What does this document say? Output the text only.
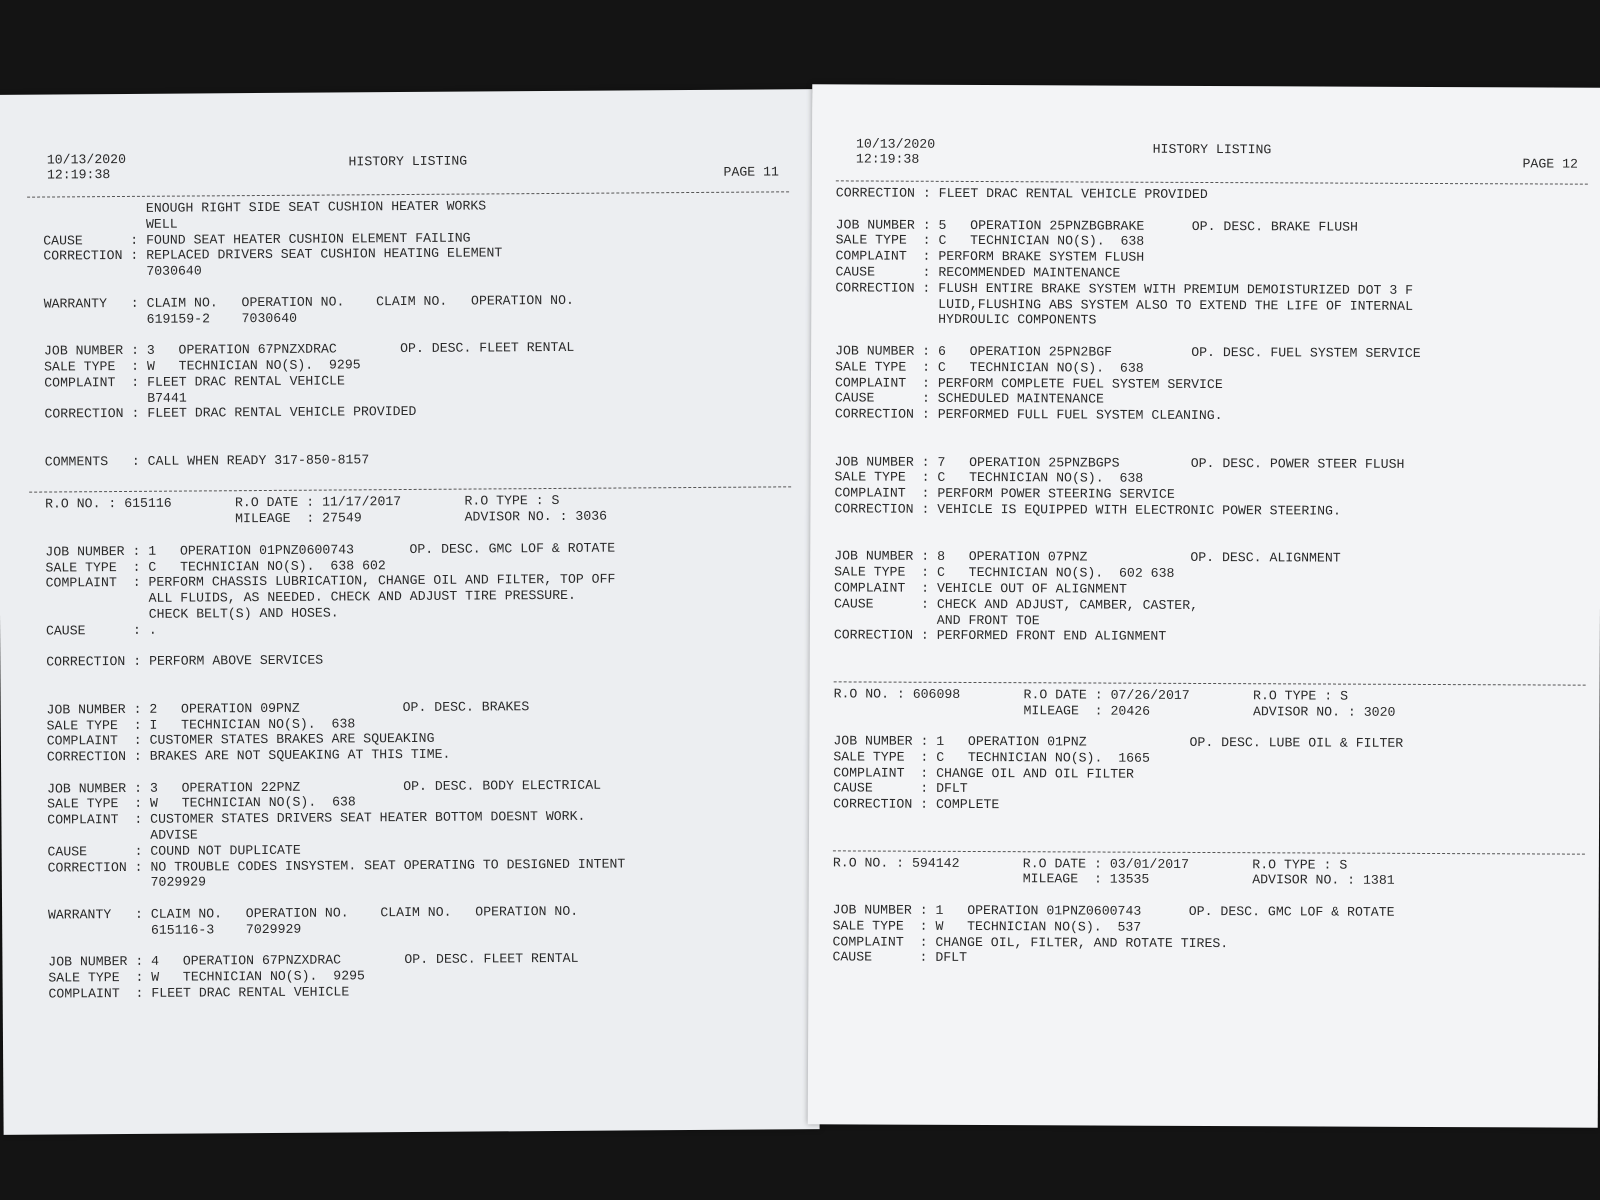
10/13/2020
12:19:38
HISTORY LISTING
PAGE 11
ENOUGH RIGHT SIDE SEAT CUSHION HEATER WORKS
WELL
CAUSE      : FOUND SEAT HEATER CUSHION ELEMENT FAILING
CORRECTION : REPLACED DRIVERS SEAT CUSHION HEATING ELEMENT
7030640
WARRANTY   : CLAIM NO.   OPERATION NO.    CLAIM NO.   OPERATION NO.
619159-2    7030640
JOB NUMBER : 3   OPERATION 67PNZXDRAC        OP. DESC. FLEET RENTAL
SALE TYPE  : W   TECHNICIAN NO(S).  9295
COMPLAINT  : FLEET DRAC RENTAL VEHICLE
B7441
CORRECTION : FLEET DRAC RENTAL VEHICLE PROVIDED
COMMENTS   : CALL WHEN READY 317-850-8157
R.O NO. : 615116        R.O DATE : 11/17/2017        R.O TYPE : S
MILEAGE  : 27549             ADVISOR NO. : 3036
JOB NUMBER : 1   OPERATION 01PNZ0600743       OP. DESC. GMC LOF & ROTATE
SALE TYPE  : C   TECHNICIAN NO(S).  638 602
COMPLAINT  : PERFORM CHASSIS LUBRICATION, CHANGE OIL AND FILTER, TOP OFF
ALL FLUIDS, AS NEEDED. CHECK AND ADJUST TIRE PRESSURE.
CHECK BELT(S) AND HOSES.
CAUSE      : .
CORRECTION : PERFORM ABOVE SERVICES
JOB NUMBER : 2   OPERATION 09PNZ             OP. DESC. BRAKES
SALE TYPE  : I   TECHNICIAN NO(S).  638
COMPLAINT  : CUSTOMER STATES BRAKES ARE SQUEAKING
CORRECTION : BRAKES ARE NOT SQUEAKING AT THIS TIME.
JOB NUMBER : 3   OPERATION 22PNZ             OP. DESC. BODY ELECTRICAL
SALE TYPE  : W   TECHNICIAN NO(S).  638
COMPLAINT  : CUSTOMER STATES DRIVERS SEAT HEATER BOTTOM DOESNT WORK.
ADVISE
CAUSE      : COUND NOT DUPLICATE
CORRECTION : NO TROUBLE CODES INSYSTEM. SEAT OPERATING TO DESIGNED INTENT
7029929
WARRANTY   : CLAIM NO.   OPERATION NO.    CLAIM NO.   OPERATION NO.
615116-3    7029929
JOB NUMBER : 4   OPERATION 67PNZXDRAC        OP. DESC. FLEET RENTAL
SALE TYPE  : W   TECHNICIAN NO(S).  9295
COMPLAINT  : FLEET DRAC RENTAL VEHICLE
10/13/2020
12:19:38
HISTORY LISTING
PAGE 12
CORRECTION : FLEET DRAC RENTAL VEHICLE PROVIDED
JOB NUMBER : 5   OPERATION 25PNZBGBRAKE      OP. DESC. BRAKE FLUSH
SALE TYPE  : C   TECHNICIAN NO(S).  638
COMPLAINT  : PERFORM BRAKE SYSTEM FLUSH
CAUSE      : RECOMMENDED MAINTENANCE
CORRECTION : FLUSH ENTIRE BRAKE SYSTEM WITH PREMIUM DEMOISTURIZED DOT 3 F
LUID,FLUSHING ABS SYSTEM ALSO TO EXTEND THE LIFE OF INTERNAL
HYDROULIC COMPONENTS
JOB NUMBER : 6   OPERATION 25PN2BGF          OP. DESC. FUEL SYSTEM SERVICE
SALE TYPE  : C   TECHNICIAN NO(S).  638
COMPLAINT  : PERFORM COMPLETE FUEL SYSTEM SERVICE
CAUSE      : SCHEDULED MAINTENANCE
CORRECTION : PERFORMED FULL FUEL SYSTEM CLEANING.
JOB NUMBER : 7   OPERATION 25PNZBGPS         OP. DESC. POWER STEER FLUSH
SALE TYPE  : C   TECHNICIAN NO(S).  638
COMPLAINT  : PERFORM POWER STEERING SERVICE
CORRECTION : VEHICLE IS EQUIPPED WITH ELECTRONIC POWER STEERING.
JOB NUMBER : 8   OPERATION 07PNZ             OP. DESC. ALIGNMENT
SALE TYPE  : C   TECHNICIAN NO(S).  602 638
COMPLAINT  : VEHICLE OUT OF ALIGNMENT
CAUSE      : CHECK AND ADJUST, CAMBER, CASTER,
AND FRONT TOE
CORRECTION : PERFORMED FRONT END ALIGNMENT
R.O NO. : 606098        R.O DATE : 07/26/2017        R.O TYPE : S
MILEAGE  : 20426             ADVISOR NO. : 3020
JOB NUMBER : 1   OPERATION 01PNZ             OP. DESC. LUBE OIL & FILTER
SALE TYPE  : C   TECHNICIAN NO(S).  1665
COMPLAINT  : CHANGE OIL AND OIL FILTER
CAUSE      : DFLT
CORRECTION : COMPLETE
R.O NO. : 594142        R.O DATE : 03/01/2017        R.O TYPE : S
MILEAGE  : 13535             ADVISOR NO. : 1381
JOB NUMBER : 1   OPERATION 01PNZ0600743      OP. DESC. GMC LOF & ROTATE
SALE TYPE  : W   TECHNICIAN NO(S).  537
COMPLAINT  : CHANGE OIL, FILTER, AND ROTATE TIRES.
CAUSE      : DFLT
